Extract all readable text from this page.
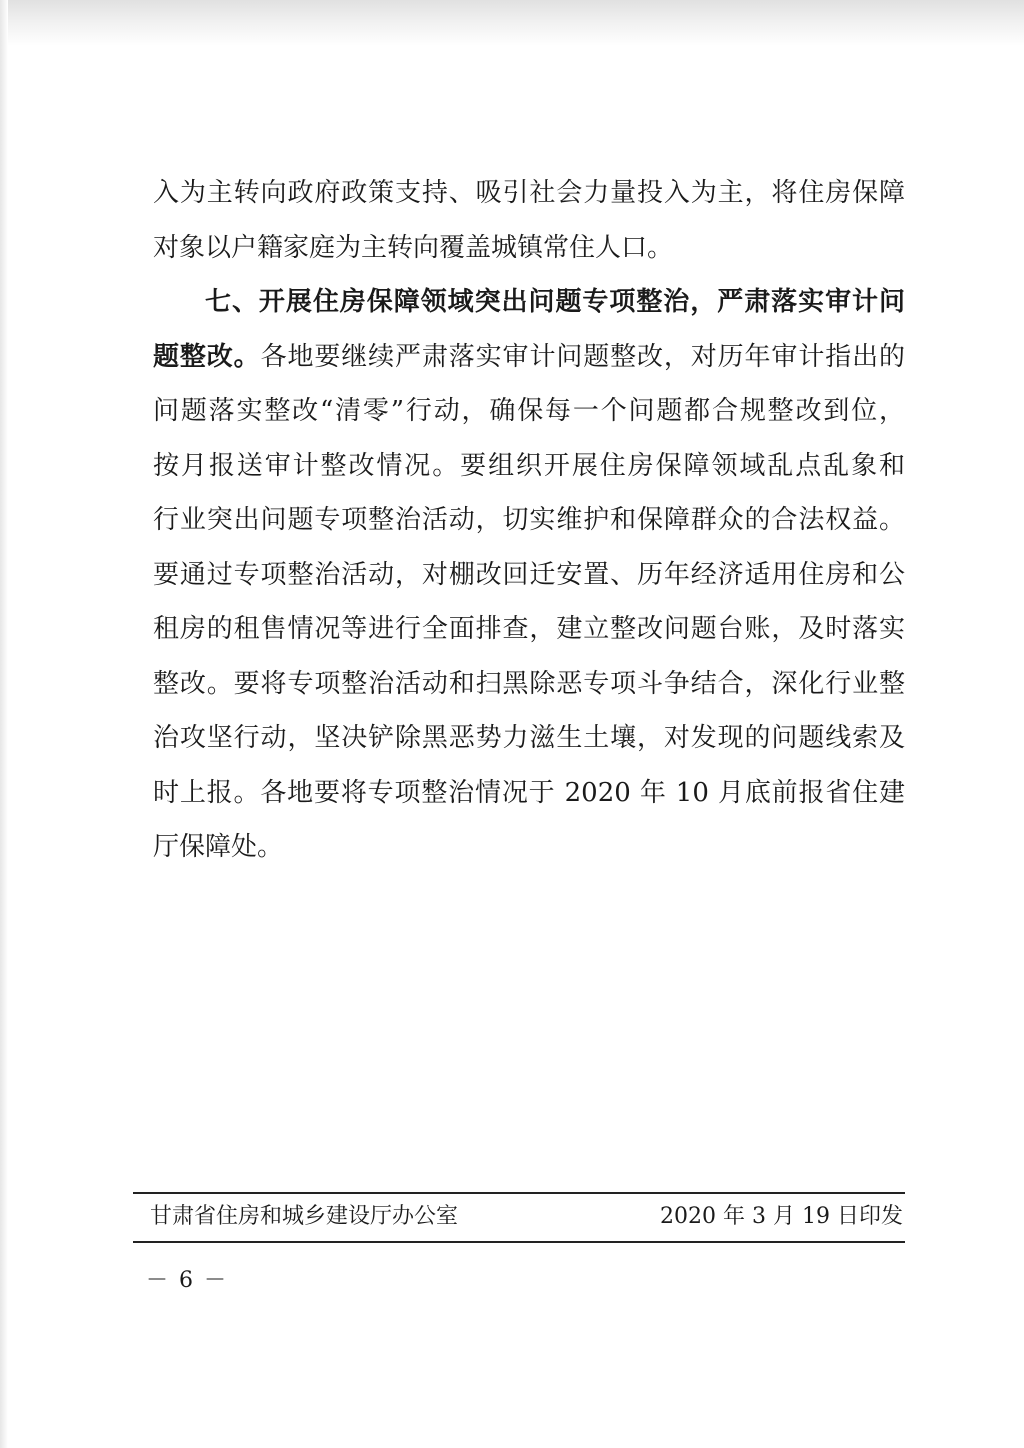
入为主转向政府政策支持、吸引社会力量投入为主，将住房保障
对象以户籍家庭为主转向覆盖城镇常住人口。
七、开展住房保障领域突出问题专项整治，严肃落实审计问
题整改。各地要继续严肃落实审计问题整改，对历年审计指出的
问题落实整改“清零”行动，确保每一个问题都合规整改到位，
按月报送审计整改情况。要组织开展住房保障领域乱点乱象和
行业突出问题专项整治活动，切实维护和保障群众的合法权益。
要通过专项整治活动，对棚改回迁安置、历年经济适用住房和公
租房的租售情况等进行全面排查，建立整改问题台账，及时落实
整改。要将专项整治活动和扫黑除恶专项斗争结合，深化行业整
治攻坚行动，坚决铲除黑恶势力滋生土壤，对发现的问题线索及
时上报。各地要将专项整治情况于 2020 年 10 月底前报省住建
厅保障处。
甘肃省住房和城乡建设厅办公室	2020 年 3 月 19 日印发
－ 6 －
